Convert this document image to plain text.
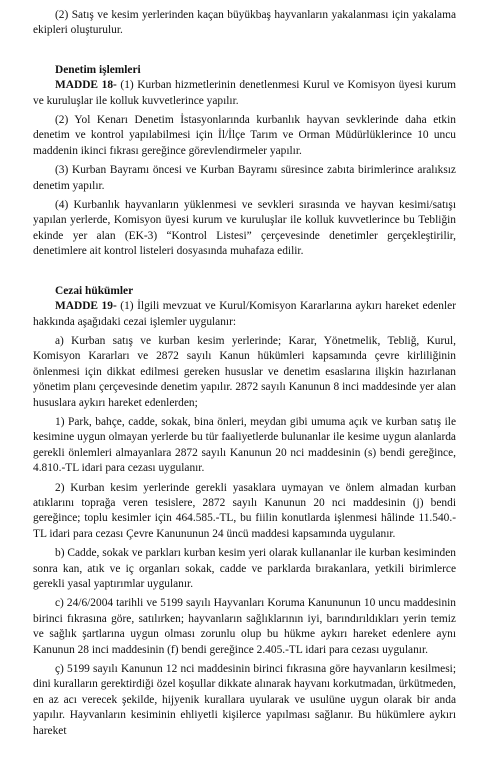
(2) Satış ve kesim yerlerinden kaçan büyükbaş hayvanların yakalanması için yakalama ekipleri oluşturulur.

Denetim işlemleri

MADDE 18- (1) Kurban hizmetlerinin denetlenmesi Kurul ve Komisyon üyesi kurum ve kuruluşlar ile kolluk kuvvetlerince yapılır.

(2) Yol Kenarı Denetim İstasyonlarında kurbanlık hayvan sevklerinde daha etkin denetim ve kontrol yapılabilmesi için İl/İlçe Tarım ve Orman Müdürlüklerince 10 uncu maddenin ikinci fıkrası gereğince görevlendirmeler yapılır.

(3) Kurban Bayramı öncesi ve Kurban Bayramı süresince zabıta birimlerince aralıksız denetim yapılır.

(4) Kurbanlık hayvanların yüklenmesi ve sevkleri sırasında ve hayvan kesimi/satışı yapılan yerlerde, Komisyon üyesi kurum ve kuruluşlar ile kolluk kuvvetlerince bu Tebliğin ekinde yer alan (EK-3) “Kontrol Listesi” çerçevesinde denetimler gerçekleştirilir, denetimlere ait kontrol listeleri dosyasında muhafaza edilir.

Cezai hükümler

MADDE 19- (1) İlgili mevzuat ve Kurul/Komisyon Kararlarına aykırı hareket edenler hakkında aşağıdaki cezai işlemler uygulanır:

a) Kurban satış ve kurban kesim yerlerinde; Karar, Yönetmelik, Tebliğ, Kurul, Komisyon Kararları ve 2872 sayılı Kanun hükümleri kapsamında çevre kirliliğinin önlenmesi için dikkat edilmesi gereken hususlar ve denetim esaslarına ilişkin hazırlanan yönetim planı çerçevesinde denetim yapılır. 2872 sayılı Kanunun 8 inci maddesinde yer alan hususlara aykırı hareket edenlerden;

1) Park, bahçe, cadde, sokak, bina önleri, meydan gibi umuma açık ve kurban satış ile kesimine uygun olmayan yerlerde bu tür faaliyetlerde bulunanlar ile kesime uygun alanlarda gerekli önlemleri almayanlara 2872 sayılı Kanunun 20 nci maddesinin (s) bendi gereğince, 4.810.-TL idari para cezası uygulanır.

2) Kurban kesim yerlerinde gerekli yasaklara uymayan ve önlem almadan kurban atıklarını toprağa veren tesislere, 2872 sayılı Kanunun 20 nci maddesinin (j) bendi gereğince; toplu kesimler için 464.585.-TL, bu fiilin konutlarda işlenmesi hâlinde 11.540.-TL idari para cezası Çevre Kanununun 24 üncü maddesi kapsamında uygulanır.

b) Cadde, sokak ve parkları kurban kesim yeri olarak kullananlar ile kurban kesiminden sonra kan, atık ve iç organları sokak, cadde ve parklarda bırakanlara, yetkili birimlerce gerekli yasal yaptırımlar uygulanır.

c) 24/6/2004 tarihli ve 5199 sayılı Hayvanları Koruma Kanununun 10 uncu maddesinin birinci fıkrasına göre, satılırken; hayvanların sağlıklarının iyi, barındırıldıkları yerin temiz ve sağlık şartlarına uygun olması zorunlu olup bu hükme aykırı hareket edenlere aynı Kanunun 28 inci maddesinin (f) bendi gereğince 2.405.-TL idari para cezası uygulanır.

ç) 5199 sayılı Kanunun 12 nci maddesinin birinci fıkrasına göre hayvanların kesilmesi; dini kuralların gerektirdiği özel koşullar dikkate alınarak hayvanı korkutmadan, ürkütmeden, en az acı verecek şekilde, hijyenik kurallara uyularak ve usulüne uygun olarak bir anda yapılır. Hayvanların kesiminin ehliyetli kişilerce yapılması sağlanır. Bu hükümlere aykırı hareket
